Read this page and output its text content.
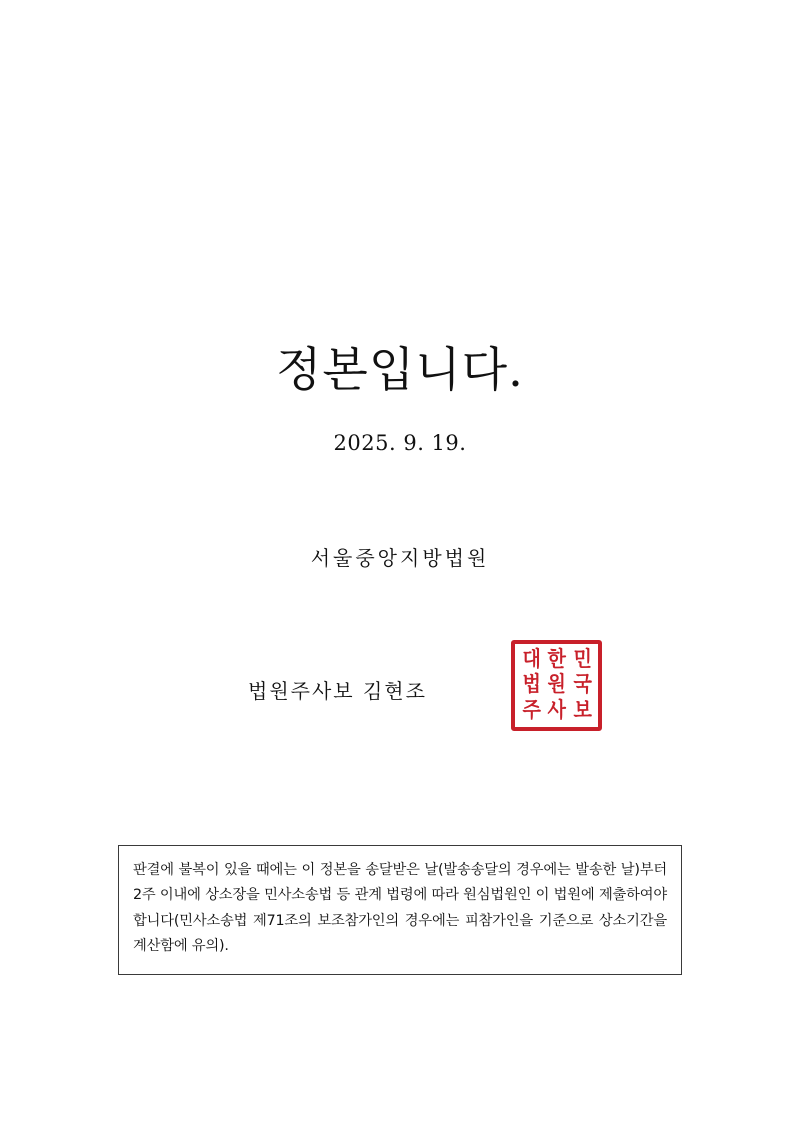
정본입니다.
2025. 9. 19.
서울중앙지방법원
법원주사보 김현조
대 한 민
법 원 국
주 사 보
판결에 불복이 있을 때에는 이 정본을 송달받은 날(발송송달의 경우에는 발송한 날)부터 2주 이내에 상소장을 민사소송법 등 관계 법령에 따라 원심법원인 이 법원에 제출하여야 합니다(민사소송법 제71조의 보조참가인의 경우에는 피참가인을 기준으로 상소기간을 계산함에 유의).
